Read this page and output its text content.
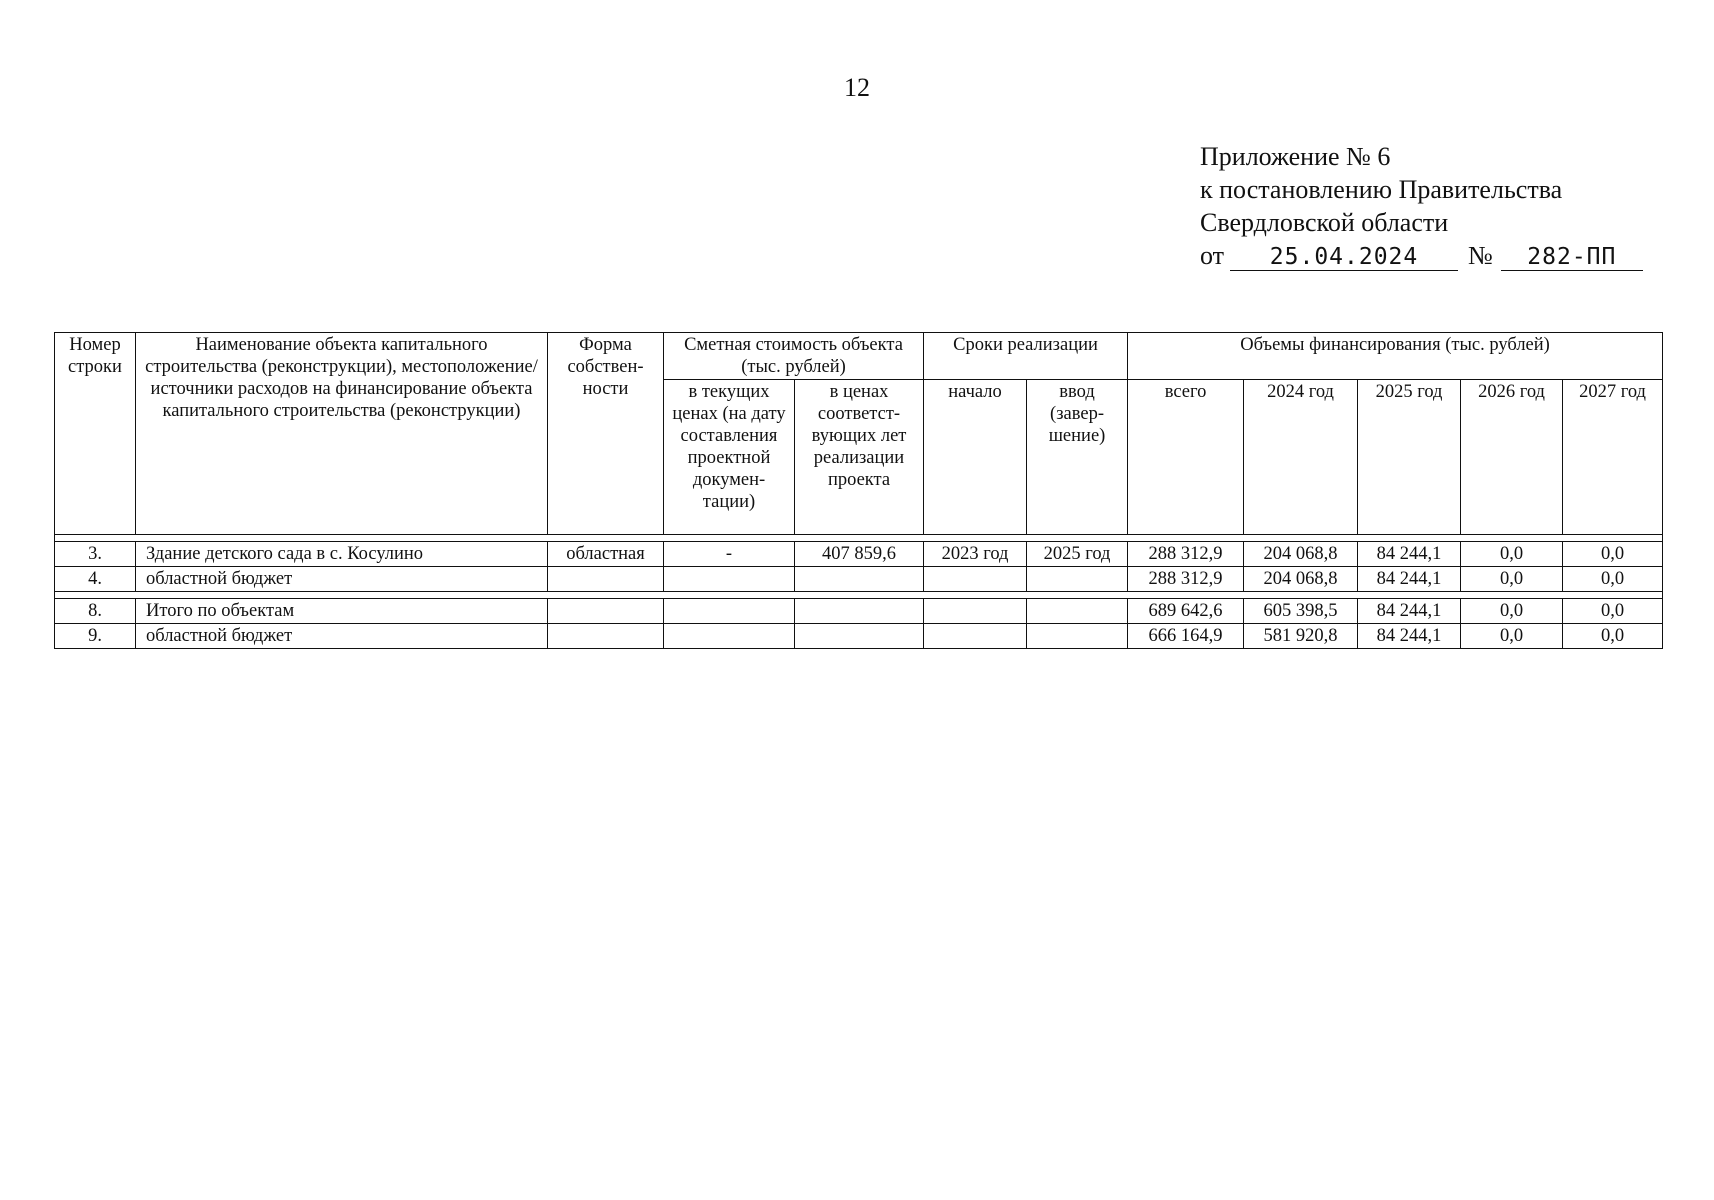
12
Приложение № 6
к постановлению Правительства
Свердловской области
от 25.04.2024 № 282-ПП
Номер строки	Наименование объекта капитального строительства (реконструкции), местоположение/ источники расходов на финансирование объекта капитального строительства (реконструкции)	Форма собствен-ности	Сметная стоимость объекта (тыс. рублей)		Сроки реализации		Объемы финансирования (тыс. рублей)				
			в текущих ценах (на дату составления проектной докумен-тации)	в ценах соответст-вующих лет реализации проекта	начало	ввод (завер-шение)	всего	2024 год	2025 год	2026 год	2027 год

3.	Здание детского сада в с. Косулино	областная	-	407 859,6	2023 год	2025 год	288 312,9	204 068,8	84 244,1	0,0	0,0
4.	областной бюджет						288 312,9	204 068,8	84 244,1	0,0	0,0

8.	Итого по объектам						689 642,6	605 398,5	84 244,1	0,0	0,0
9.	областной бюджет						666 164,9	581 920,8	84 244,1	0,0	0,0
